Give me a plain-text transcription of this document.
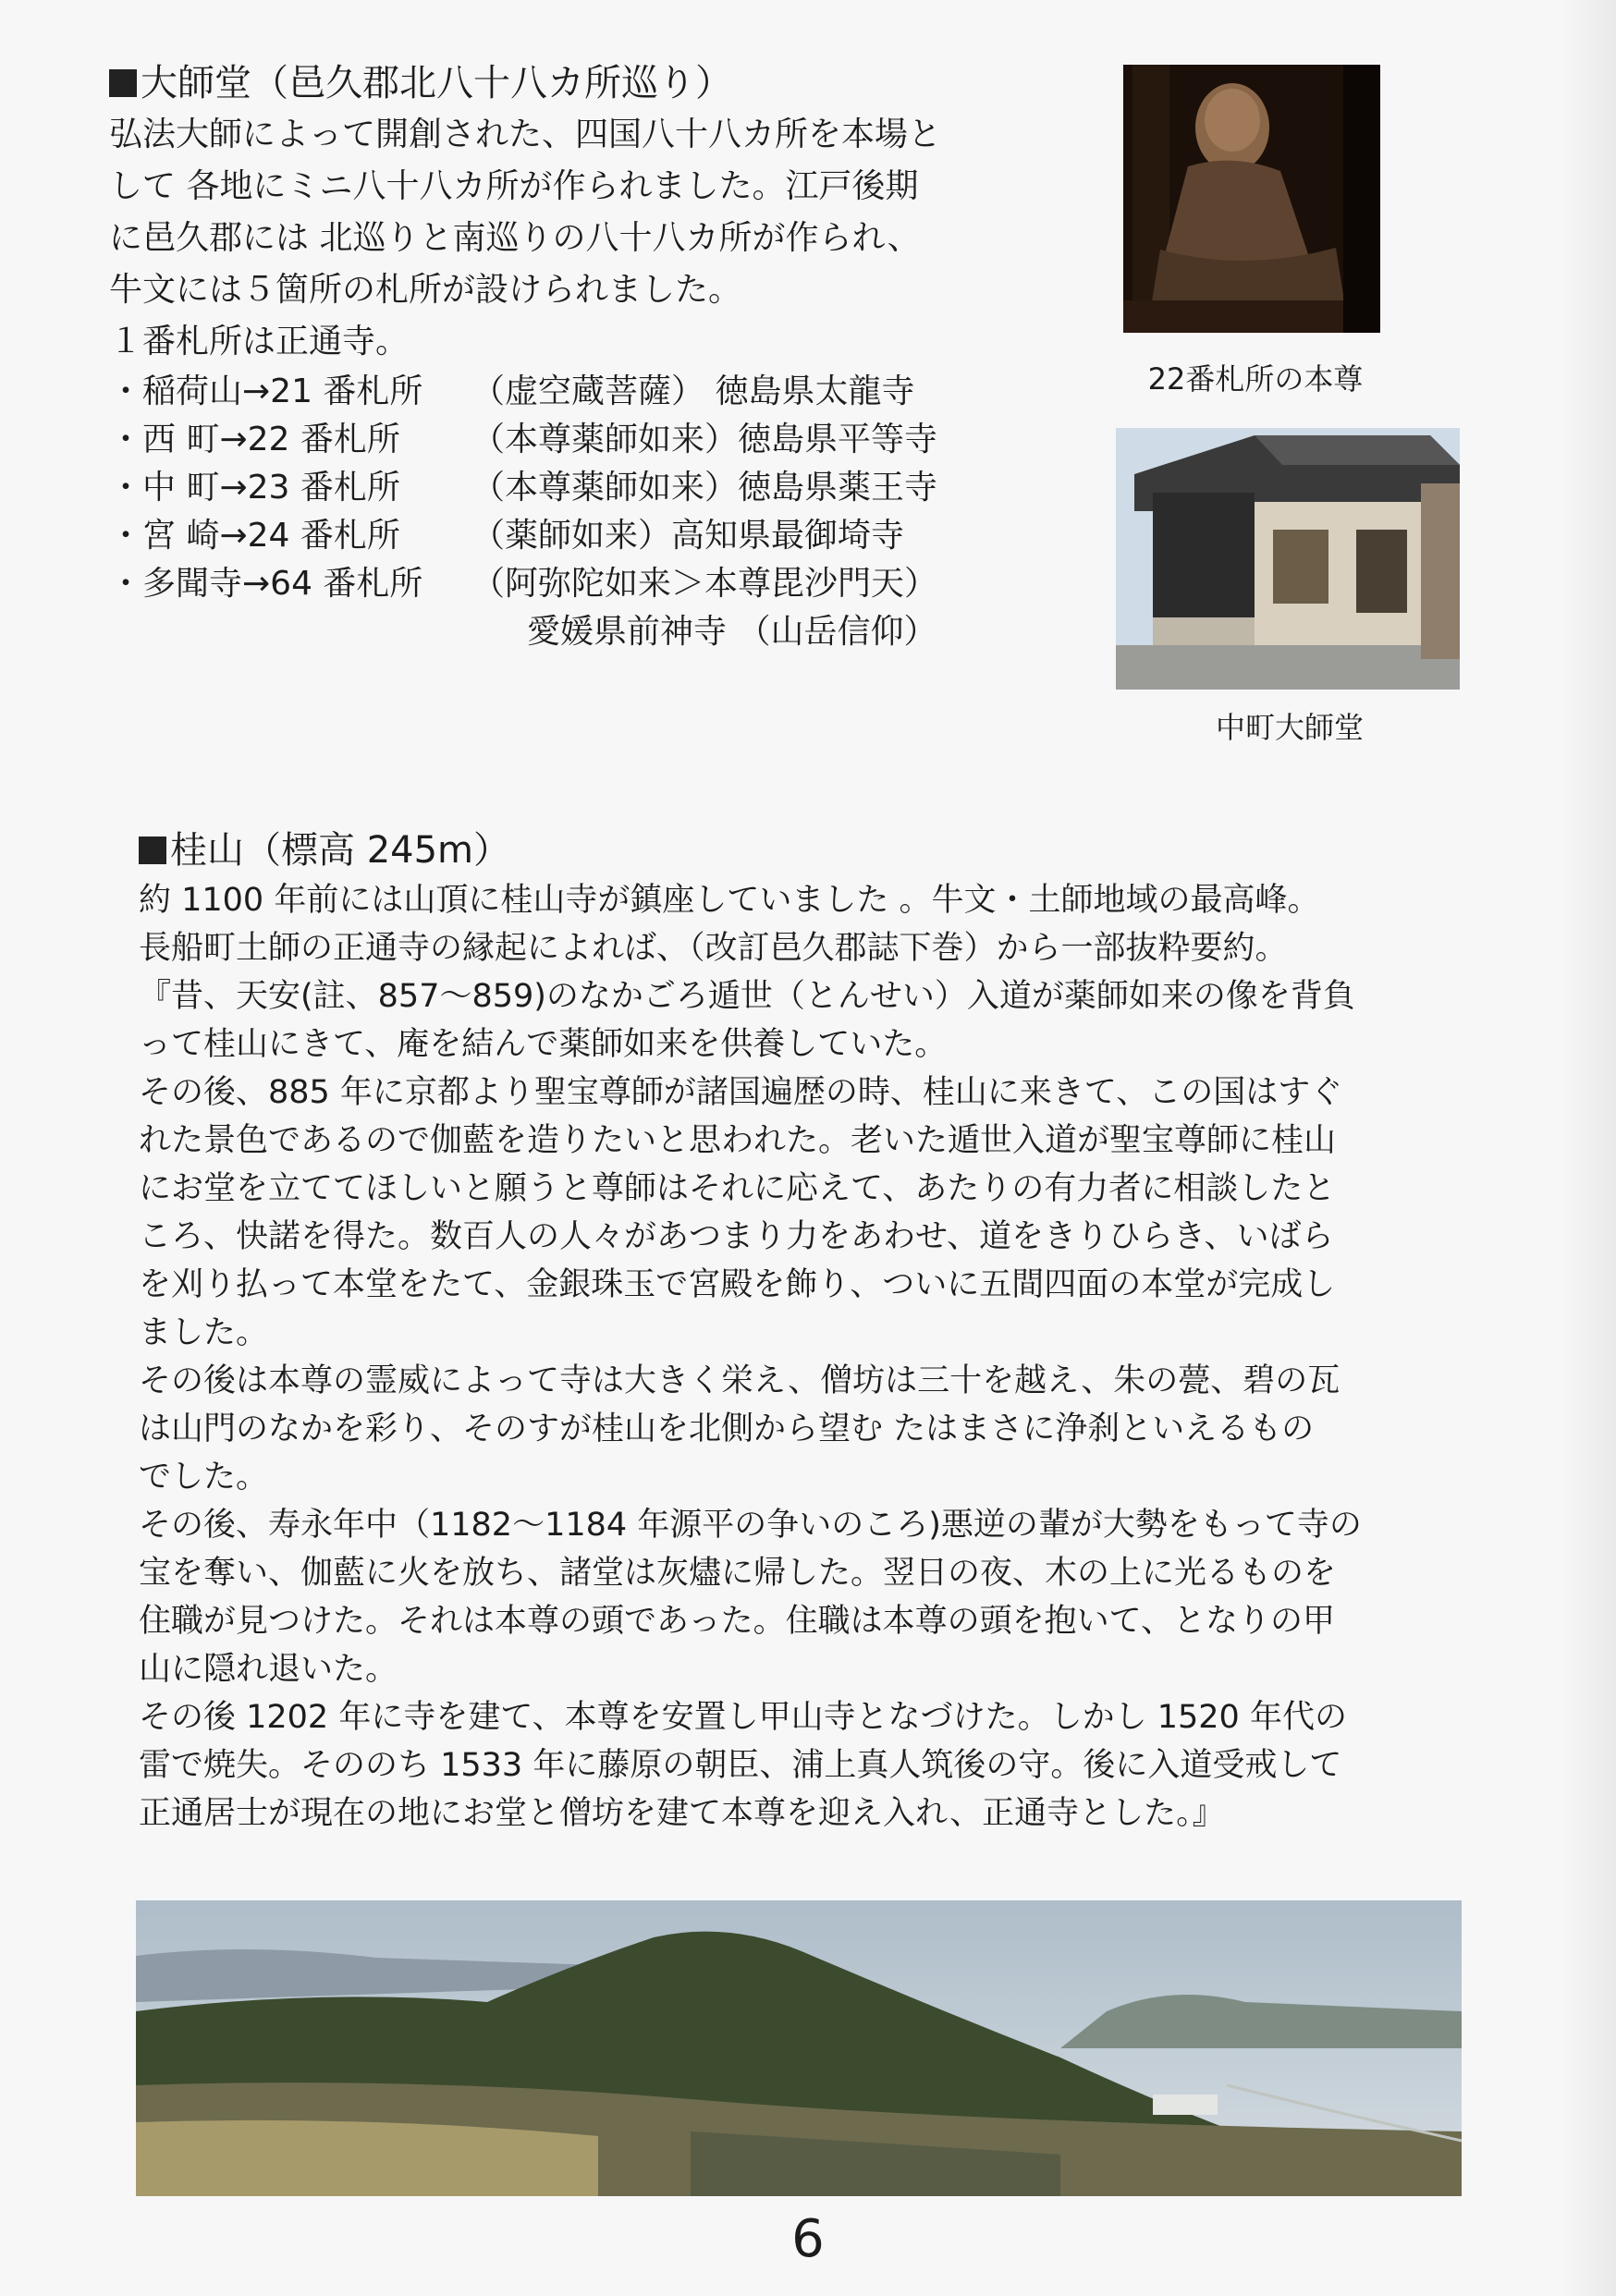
大師堂（邑久郡北八十八カ所巡り）

弘法大師によって開創された、四国八十八カ所を本場と

して 各地にミニ八十八カ所が作られました。江戸後期

に邑久郡には 北巡りと南巡りの八十八カ所が作られ、

牛文には５箇所の札所が設けられました。

１番札所は正通寺。

・稲荷山→21 番札所	（虚空蔵菩薩） 徳島県太龍寺
・西 町→22 番札所	（本尊薬師如来）徳島県平等寺
・中 町→23 番札所	（本尊薬師如来）徳島県薬王寺
・宮 崎→24 番札所	（薬師如来）高知県最御埼寺
・多聞寺→64 番札所	（阿弥陀如来＞本尊毘沙門天）
愛媛県前神寺 （山岳信仰）
22番札所の本尊
中町大師堂
桂山（標高 245m）

約 1100 年前には山頂に桂山寺が鎮座していました 。牛文・土師地域の最高峰。

長船町土師の正通寺の縁起によれば、（改訂邑久郡誌下巻）から一部抜粋要約。

『昔、天安(註、857〜859)のなかごろ遁世（とんせい）入道が薬師如来の像を背負

って桂山にきて、庵を結んで薬師如来を供養していた。

その後、885 年に京都より聖宝尊師が諸国遍歴の時、桂山に来きて、この国はすぐ

れた景色であるので伽藍を造りたいと思われた。老いた遁世入道が聖宝尊師に桂山

にお堂を立ててほしいと願うと尊師はそれに応えて、あたりの有力者に相談したと

ころ、快諾を得た。数百人の人々があつまり力をあわせ、道をきりひらき、いばら

を刈り払って本堂をたて、金銀珠玉で宮殿を飾り、ついに五間四面の本堂が完成し

ました。

その後は本尊の霊威によって寺は大きく栄え、僧坊は三十を越え、朱の甍、碧の瓦

は山門のなかを彩り、そのすが桂山を北側から望む たはまさに浄刹といえるもの

でした。

その後、寿永年中（1182〜1184 年源平の争いのころ)悪逆の輩が大勢をもって寺の

宝を奪い、伽藍に火を放ち、諸堂は灰燼に帰した。翌日の夜、木の上に光るものを

住職が見つけた。それは本尊の頭であった。住職は本尊の頭を抱いて、となりの甲

山に隠れ退いた。

その後 1202 年に寺を建て、本尊を安置し甲山寺となづけた。しかし 1520 年代の

雷で焼失。そののち 1533 年に藤原の朝臣、浦上真人筑後の守。後に入道受戒して

正通居士が現在の地にお堂と僧坊を建て本尊を迎え入れ、正通寺とした。』

6
